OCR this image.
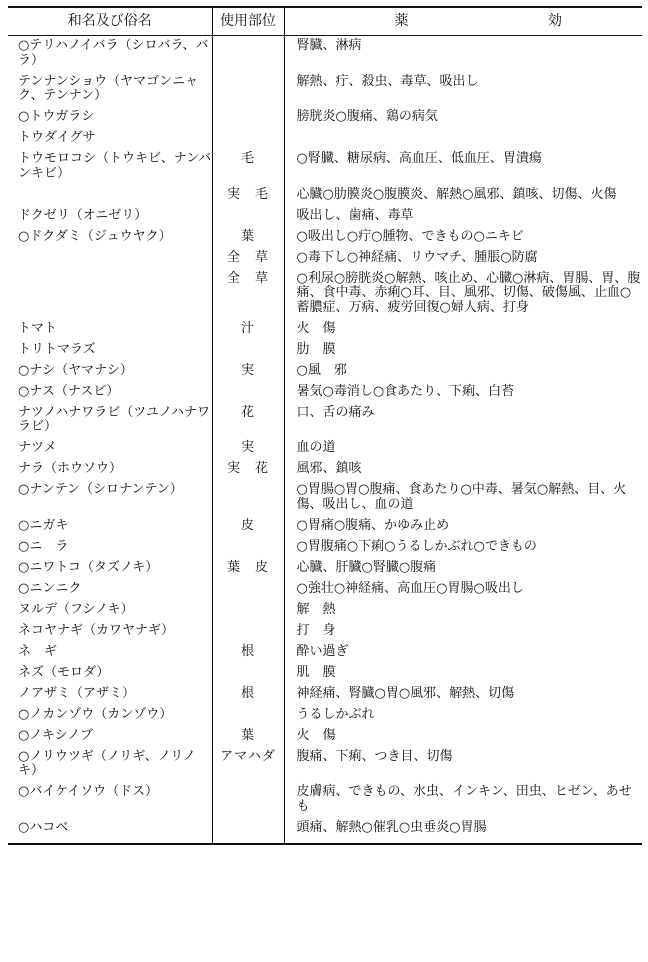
和名及び俗名	使用部位	薬 効

○テリハノイバラ（シロバラ、バラ）		腎臓、淋病
テンナンショウ（ヤマゴンニャク、テンナン）		解熱、疔、殺虫、毒草、吸出し
○トウガラシ		膀胱炎○腹痛、鶏の病気
トウダイグサ		
トウモロコシ（トウキビ、ナンバンキビ）	毛	○腎臓、糖尿病、高血圧、低血圧、胃潰瘍
	実　毛	心臓○肋膜炎○腹膜炎、解熱○風邪、鎮咳、切傷、火傷
ドクゼリ（オニゼリ）		吸出し、歯痛、毒草
○ドクダミ（ジュウヤク）	葉	○吸出し○疔○腫物、できもの○ニキビ
	全　草	○毒下し○神経痛、リウマチ、腫脹○防腐
	全　草	○利尿○膀胱炎○解熱、咳止め、心臓○淋病、胃腸、胃、腹痛、食中毒、赤痢○耳、目、風邪、切傷、破傷風、止血○蓄膿症、万病、疲労回復○婦人病、打身
トマト	汁	火　傷
トリトマラズ		肋　膜
○ナシ（ヤマナシ）	実	○風　邪
○ナス（ナスビ）		暑気○毒消し○食あたり、下痢、白苔
ナツノハナワラビ（ツユノハナワラビ）	花	口、舌の痛み
ナツメ	実	血の道
ナラ（ホウソウ）	実　花	風邪、鎮咳
○ナンテン（シロナンテン）		○胃腸○胃○腹痛、食あたり○中毒、暑気○解熱、目、火傷、吸出し、血の道
○ニガキ	皮	○胃痛○腹痛、かゆみ止め
○ニ　ラ		○胃腹痛○下痢○うるしかぶれ○できもの
○ニワトコ（タズノキ）	葉　皮	心臓、肝臓○腎臓○腹痛
○ニンニク		○強壮○神経痛、高血圧○胃腸○吸出し
ヌルデ（フシノキ）		解　熱
ネコヤナギ（カワヤナギ）		打　身
ネ　ギ	根	酔い過ぎ
ネズ（モロダ）		肌　膜
ノアザミ（アザミ）	根	神経痛、腎臓○胃○風邪、解熱、切傷
○ノカンゾウ（カンゾウ）		うるしかぶれ
○ノキシノブ	葉	火　傷
○ノリウツギ（ノリギ、ノリノキ）	アマハダ	腹痛、下痢、つき目、切傷
○バイケイソウ（ドス）		皮膚病、できもの、水虫、インキン、田虫、ヒゼン、あせも
○ハコベ		頭痛、解熱○催乳○虫垂炎○胃腸
